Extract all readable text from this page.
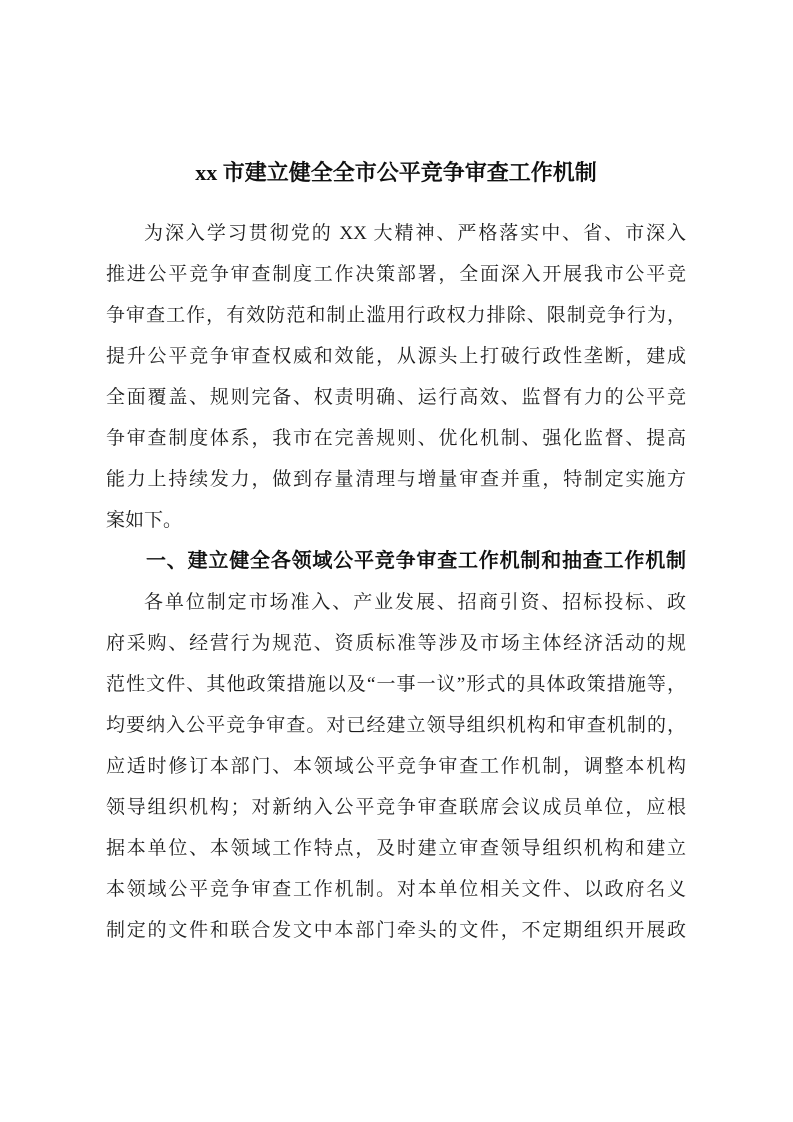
xx 市建立健全全市公平竞争审查工作机制
为深入学习贯彻党的 XX 大精神、严格落实中、省、市深入
推进公平竞争审查制度工作决策部署，全面深入开展我市公平竞
争审查工作，有效防范和制止滥用行政权力排除、限制竞争行为，
提升公平竞争审查权威和效能，从源头上打破行政性垄断，建成
全面覆盖、规则完备、权责明确、运行高效、监督有力的公平竞
争审查制度体系，我市在完善规则、优化机制、强化监督、提高
能力上持续发力，做到存量清理与增量审查并重，特制定实施方
案如下。
一、建立健全各领域公平竞争审查工作机制和抽查工作机制
各单位制定市场准入、产业发展、招商引资、招标投标、政
府采购、经营行为规范、资质标准等涉及市场主体经济活动的规
范性文件、其他政策措施以及“一事一议”形式的具体政策措施等，
均要纳入公平竞争审查。对已经建立领导组织机构和审查机制的，
应适时修订本部门、本领域公平竞争审查工作机制，调整本机构
领导组织机构；对新纳入公平竞争审查联席会议成员单位，应根
据本单位、本领域工作特点，及时建立审查领导组织机构和建立
本领域公平竞争审查工作机制。对本单位相关文件、以政府名义
制定的文件和联合发文中本部门牵头的文件，不定期组织开展政
